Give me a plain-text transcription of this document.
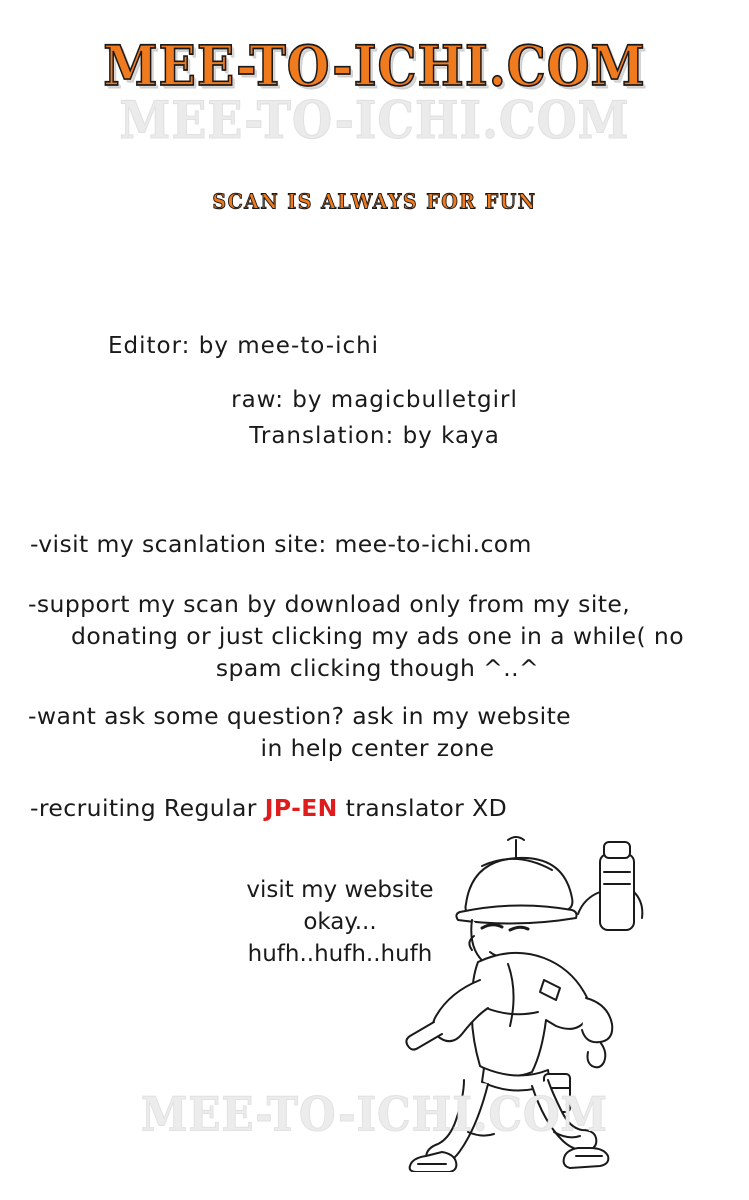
MEE-TO-ICHI.COM
MEE-TO-ICHI.COM
SCAN IS ALWAYS FOR FUN
Editor: by mee-to-ichi
raw: by magicbulletgirl
Translation: by kaya
-visit my scanlation site: mee-to-ichi.com
-support my scan by download only from my site,
donating or just clicking my ads one in a while( no
spam clicking though ^..^
-want ask some question? ask in my website
in help center zone
-recruiting Regular JP-EN translator XD
visit my website
okay...
hufh..hufh..hufh
MEE-TO-ICHI.COM
